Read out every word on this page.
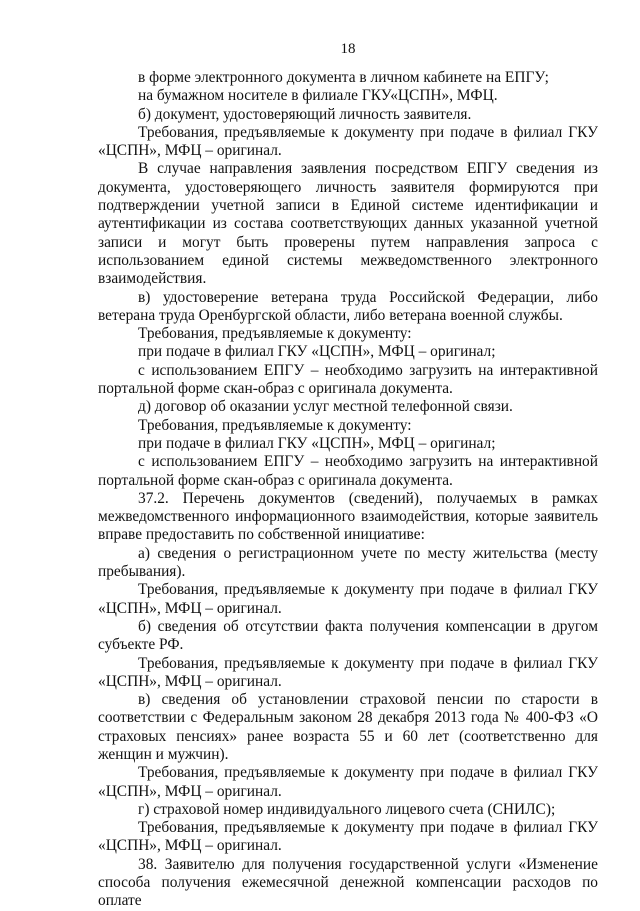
18

в форме электронного документа в личном кабинете на ЕПГУ;

на бумажном носителе в филиале ГКУ«ЦСПН», МФЦ.

б) документ, удостоверяющий личность заявителя.

Требования, предъявляемые к документу при подаче в филиал ГКУ «ЦСПН», МФЦ – оригинал.

В случае направления заявления посредством ЕПГУ сведения из документа, удостоверяющего личность заявителя формируются при подтверждении учетной записи в Единой системе идентификации и аутентификации из состава соответствующих данных указанной учетной записи и могут быть проверены путем направления запроса с использованием единой системы межведомственного электронного взаимодействия.

в) удостоверение ветерана труда Российской Федерации, либо ветерана труда Оренбургской области, либо ветерана военной службы.

Требования, предъявляемые к документу:

при подаче в филиал ГКУ «ЦСПН», МФЦ – оригинал;

с использованием ЕПГУ – необходимо загрузить на интерактивной портальной форме скан-образ с оригинала документа.

д) договор об оказании услуг местной телефонной связи.

Требования, предъявляемые к документу:

при подаче в филиал ГКУ «ЦСПН», МФЦ – оригинал;

с использованием ЕПГУ – необходимо загрузить на интерактивной портальной форме скан-образ с оригинала документа.

37.2. Перечень документов (сведений), получаемых в рамках межведомственного информационного взаимодействия, которые заявитель вправе предоставить по собственной инициативе:

а) сведения о регистрационном учете по месту жительства (месту пребывания).

Требования, предъявляемые к документу при подаче в филиал ГКУ «ЦСПН», МФЦ – оригинал.

б) сведения об отсутствии факта получения компенсации в другом субъекте РФ.

Требования, предъявляемые к документу при подаче в филиал ГКУ «ЦСПН», МФЦ – оригинал.

в) сведения об установлении страховой пенсии по старости в соответствии с Федеральным законом 28 декабря 2013 года № 400-ФЗ «О страховых пенсиях» ранее возраста 55 и 60 лет (соответственно для женщин и мужчин).

Требования, предъявляемые к документу при подаче в филиал ГКУ «ЦСПН», МФЦ – оригинал.

г) страховой номер индивидуального лицевого счета (СНИЛС);

Требования, предъявляемые к документу при подаче в филиал ГКУ «ЦСПН», МФЦ – оригинал.

38. Заявителю для получения государственной услуги «Изменение способа получения ежемесячной денежной компенсации расходов по оплате
